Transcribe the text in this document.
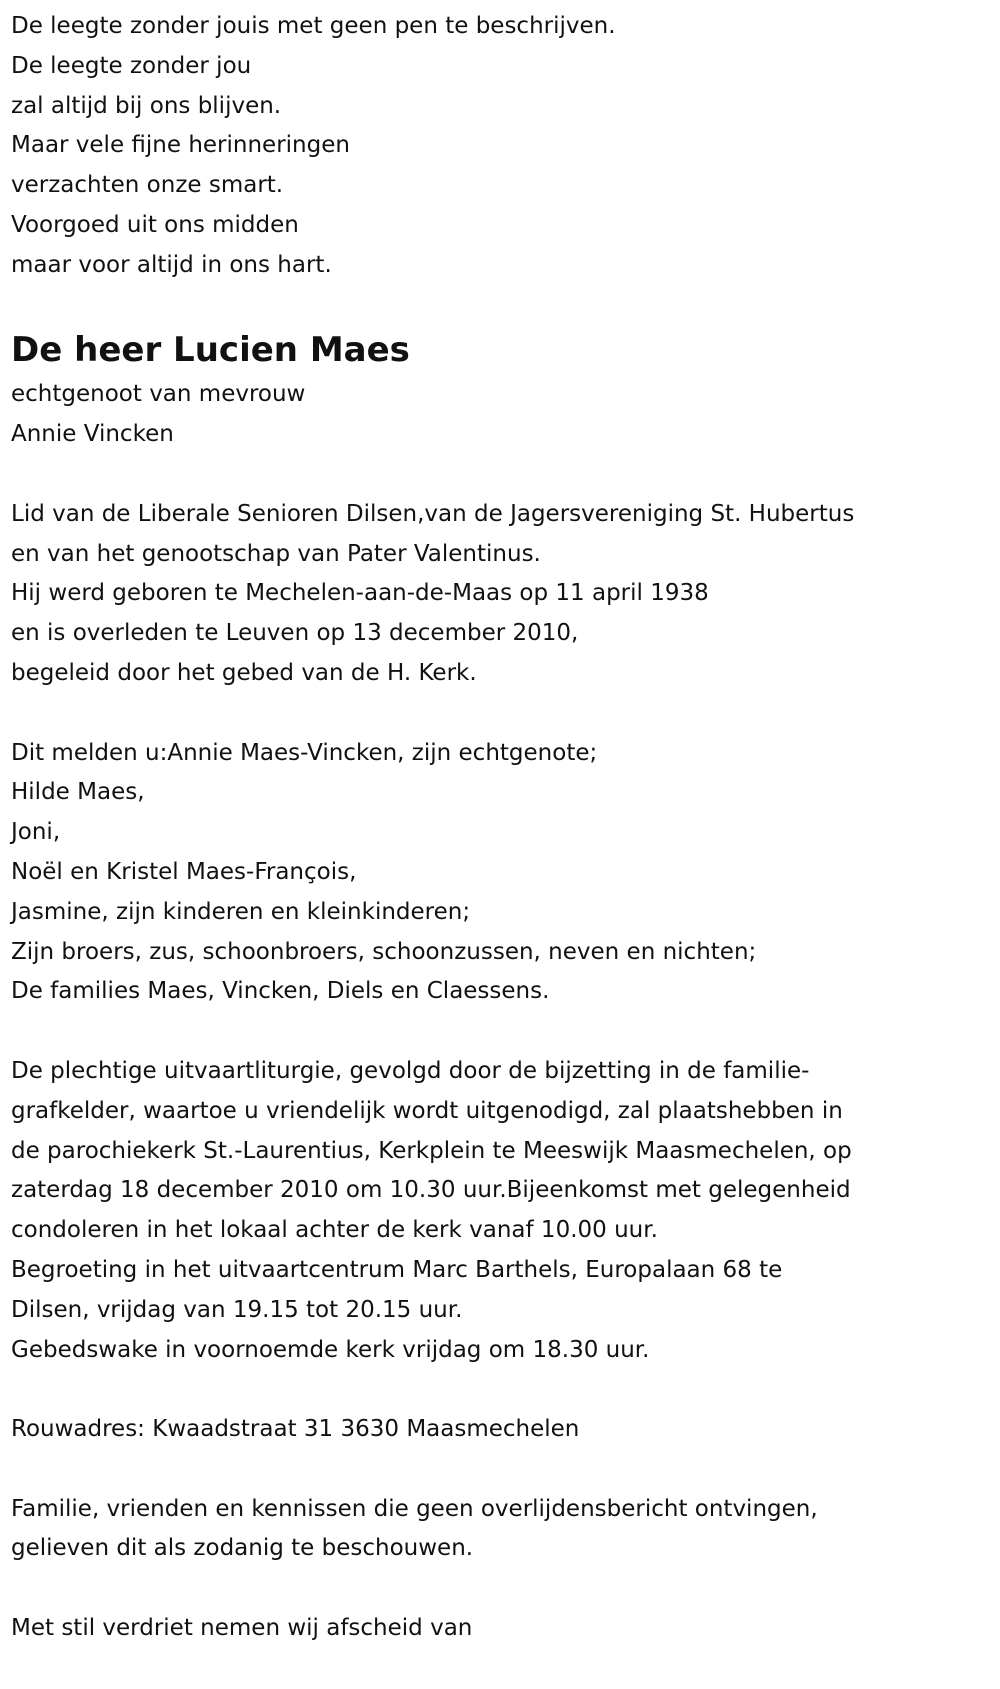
De leegte zonder jouis met geen pen te beschrijven.
De leegte zonder jou
zal altijd bij ons blijven.
Maar vele fijne herinneringen
verzachten onze smart.
Voorgoed uit ons midden
maar voor altijd in ons hart.
De heer Lucien Maes
echtgenoot van mevrouw
Annie Vincken
Lid van de Liberale Senioren Dilsen,van de Jagersvereniging St. Hubertus
en van het genootschap van Pater Valentinus.
Hij werd geboren te Mechelen-aan-de-Maas op 11 april 1938
en is overleden te Leuven op 13 december 2010,
begeleid door het gebed van de H. Kerk.
Dit melden u:Annie Maes-Vincken, zijn echtgenote;
Hilde Maes,
Joni,
Noël en Kristel Maes-François,
Jasmine, zijn kinderen en kleinkinderen;
Zijn broers, zus, schoonbroers, schoonzussen, neven en nichten;
De families Maes, Vincken, Diels en Claessens.
De plechtige uitvaartliturgie, gevolgd door de bijzetting in de familie-
grafkelder, waartoe u vriendelijk wordt uitgenodigd, zal plaatshebben in
de parochiekerk St.-Laurentius, Kerkplein te Meeswijk Maasmechelen, op
zaterdag 18 december 2010 om 10.30 uur.Bijeenkomst met gelegenheid
condoleren in het lokaal achter de kerk vanaf 10.00 uur.
Begroeting in het uitvaartcentrum Marc Barthels, Europalaan 68 te
Dilsen, vrijdag van 19.15 tot 20.15 uur.
Gebedswake in voornoemde kerk vrijdag om 18.30 uur.
Rouwadres: Kwaadstraat 31 3630 Maasmechelen
Familie, vrienden en kennissen die geen overlijdensbericht ontvingen,
gelieven dit als zodanig te beschouwen.
Met stil verdriet nemen wij afscheid van
